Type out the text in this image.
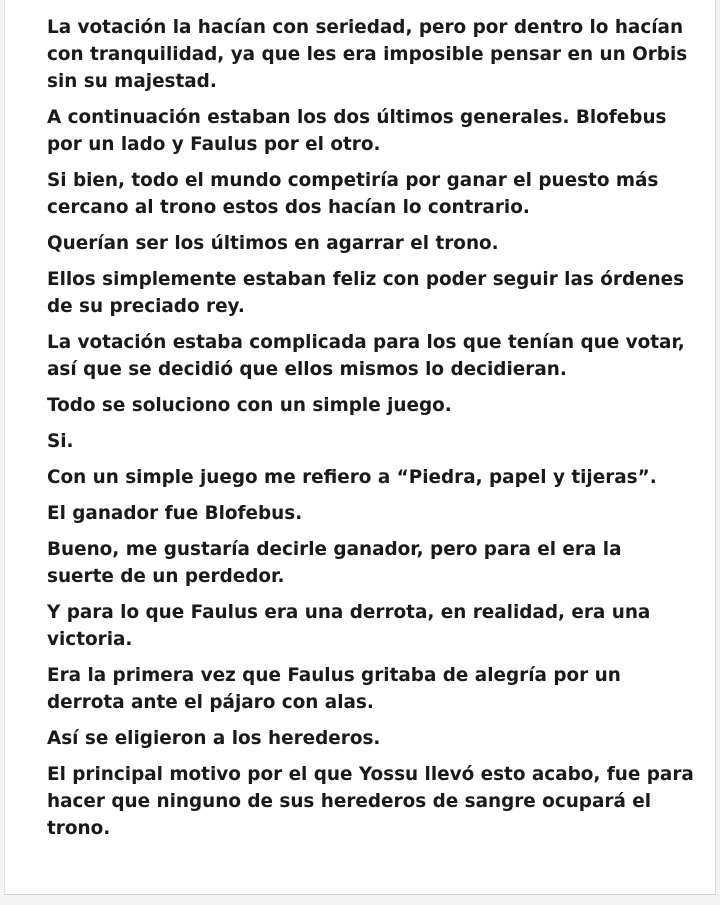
La votación la hacían con seriedad, pero por dentro lo hacían
con tranquilidad, ya que les era imposible pensar en un Orbis
sin su majestad.

A continuación estaban los dos últimos generales. Blofebus
por un lado y Faulus por el otro.

Si bien, todo el mundo competiría por ganar el puesto más
cercano al trono estos dos hacían lo contrario.

Querían ser los últimos en agarrar el trono.

Ellos simplemente estaban feliz con poder seguir las órdenes
de su preciado rey.

La votación estaba complicada para los que tenían que votar,
así que se decidió que ellos mismos lo decidieran.

Todo se soluciono con un simple juego.

Si.

Con un simple juego me refiero a “Piedra, papel y tijeras”.

El ganador fue Blofebus.

Bueno, me gustaría decirle ganador, pero para el era la
suerte de un perdedor.

Y para lo que Faulus era una derrota, en realidad, era una
victoria.

Era la primera vez que Faulus gritaba de alegría por un
derrota ante el pájaro con alas.

Así se eligieron a los herederos.

El principal motivo por el que Yossu llevó esto acabo, fue para
hacer que ninguno de sus herederos de sangre ocupará el
trono.
